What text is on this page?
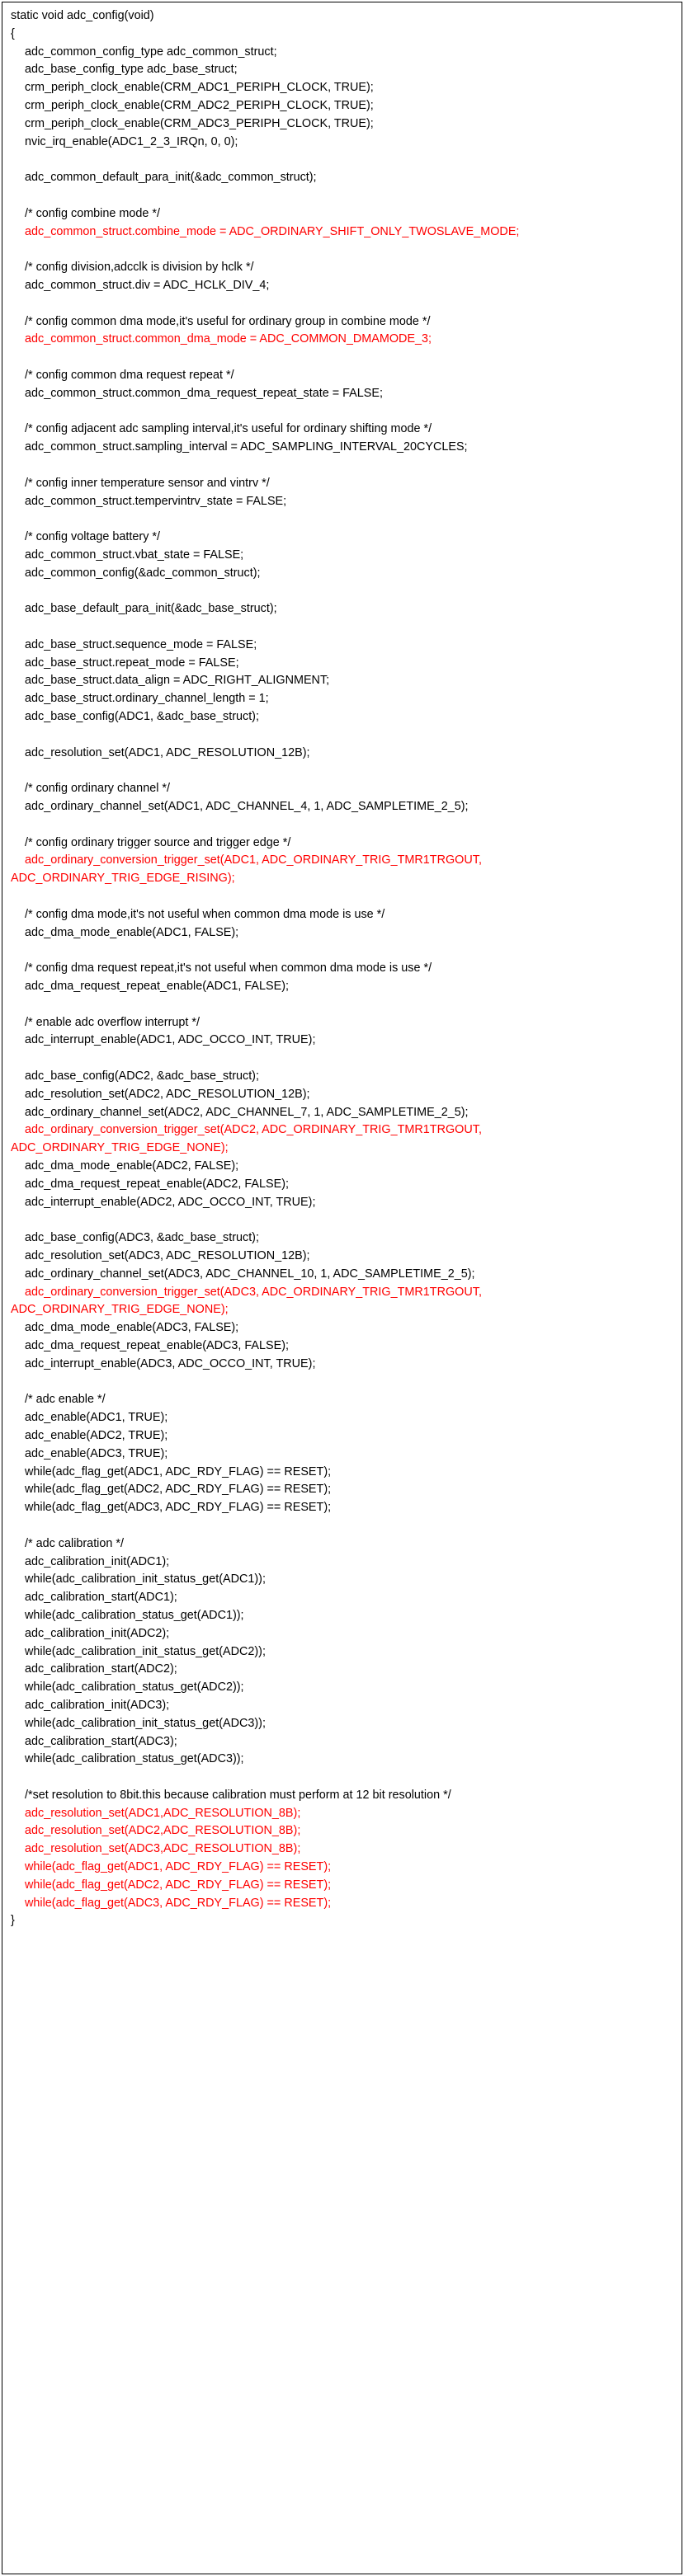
static void adc_config(void)
{
adc_common_config_type adc_common_struct;
adc_base_config_type adc_base_struct;
crm_periph_clock_enable(CRM_ADC1_PERIPH_CLOCK, TRUE);
crm_periph_clock_enable(CRM_ADC2_PERIPH_CLOCK, TRUE);
crm_periph_clock_enable(CRM_ADC3_PERIPH_CLOCK, TRUE);
nvic_irq_enable(ADC1_2_3_IRQn, 0, 0);
adc_common_default_para_init(&adc_common_struct);
/* config combine mode */
adc_common_struct.combine_mode = ADC_ORDINARY_SHIFT_ONLY_TWOSLAVE_MODE;
/* config division,adcclk is division by hclk */
adc_common_struct.div = ADC_HCLK_DIV_4;
/* config common dma mode,it's useful for ordinary group in combine mode */
adc_common_struct.common_dma_mode = ADC_COMMON_DMAMODE_3;
/* config common dma request repeat */
adc_common_struct.common_dma_request_repeat_state = FALSE;
/* config adjacent adc sampling interval,it's useful for ordinary shifting mode */
adc_common_struct.sampling_interval = ADC_SAMPLING_INTERVAL_20CYCLES;
/* config inner temperature sensor and vintrv */
adc_common_struct.tempervintrv_state = FALSE;
/* config voltage battery */
adc_common_struct.vbat_state = FALSE;
adc_common_config(&adc_common_struct);
adc_base_default_para_init(&adc_base_struct);
adc_base_struct.sequence_mode = FALSE;
adc_base_struct.repeat_mode = FALSE;
adc_base_struct.data_align = ADC_RIGHT_ALIGNMENT;
adc_base_struct.ordinary_channel_length = 1;
adc_base_config(ADC1, &adc_base_struct);
adc_resolution_set(ADC1, ADC_RESOLUTION_12B);
/* config ordinary channel */
adc_ordinary_channel_set(ADC1, ADC_CHANNEL_4, 1, ADC_SAMPLETIME_2_5);
/* config ordinary trigger source and trigger edge */
adc_ordinary_conversion_trigger_set(ADC1, ADC_ORDINARY_TRIG_TMR1TRGOUT,
ADC_ORDINARY_TRIG_EDGE_RISING);
/* config dma mode,it's not useful when common dma mode is use */
adc_dma_mode_enable(ADC1, FALSE);
/* config dma request repeat,it's not useful when common dma mode is use */
adc_dma_request_repeat_enable(ADC1, FALSE);
/* enable adc overflow interrupt */
adc_interrupt_enable(ADC1, ADC_OCCO_INT, TRUE);
adc_base_config(ADC2, &adc_base_struct);
adc_resolution_set(ADC2, ADC_RESOLUTION_12B);
adc_ordinary_channel_set(ADC2, ADC_CHANNEL_7, 1, ADC_SAMPLETIME_2_5);
adc_ordinary_conversion_trigger_set(ADC2, ADC_ORDINARY_TRIG_TMR1TRGOUT,
ADC_ORDINARY_TRIG_EDGE_NONE);
adc_dma_mode_enable(ADC2, FALSE);
adc_dma_request_repeat_enable(ADC2, FALSE);
adc_interrupt_enable(ADC2, ADC_OCCO_INT, TRUE);
adc_base_config(ADC3, &adc_base_struct);
adc_resolution_set(ADC3, ADC_RESOLUTION_12B);
adc_ordinary_channel_set(ADC3, ADC_CHANNEL_10, 1, ADC_SAMPLETIME_2_5);
adc_ordinary_conversion_trigger_set(ADC3, ADC_ORDINARY_TRIG_TMR1TRGOUT,
ADC_ORDINARY_TRIG_EDGE_NONE);
adc_dma_mode_enable(ADC3, FALSE);
adc_dma_request_repeat_enable(ADC3, FALSE);
adc_interrupt_enable(ADC3, ADC_OCCO_INT, TRUE);
/* adc enable */
adc_enable(ADC1, TRUE);
adc_enable(ADC2, TRUE);
adc_enable(ADC3, TRUE);
while(adc_flag_get(ADC1, ADC_RDY_FLAG) == RESET);
while(adc_flag_get(ADC2, ADC_RDY_FLAG) == RESET);
while(adc_flag_get(ADC3, ADC_RDY_FLAG) == RESET);
/* adc calibration */
adc_calibration_init(ADC1);
while(adc_calibration_init_status_get(ADC1));
adc_calibration_start(ADC1);
while(adc_calibration_status_get(ADC1));
adc_calibration_init(ADC2);
while(adc_calibration_init_status_get(ADC2));
adc_calibration_start(ADC2);
while(adc_calibration_status_get(ADC2));
adc_calibration_init(ADC3);
while(adc_calibration_init_status_get(ADC3));
adc_calibration_start(ADC3);
while(adc_calibration_status_get(ADC3));
/*set resolution to 8bit.this because calibration must perform at 12 bit resolution */
adc_resolution_set(ADC1,ADC_RESOLUTION_8B);
adc_resolution_set(ADC2,ADC_RESOLUTION_8B);
adc_resolution_set(ADC3,ADC_RESOLUTION_8B);
while(adc_flag_get(ADC1, ADC_RDY_FLAG) == RESET);
while(adc_flag_get(ADC2, ADC_RDY_FLAG) == RESET);
while(adc_flag_get(ADC3, ADC_RDY_FLAG) == RESET);
}
